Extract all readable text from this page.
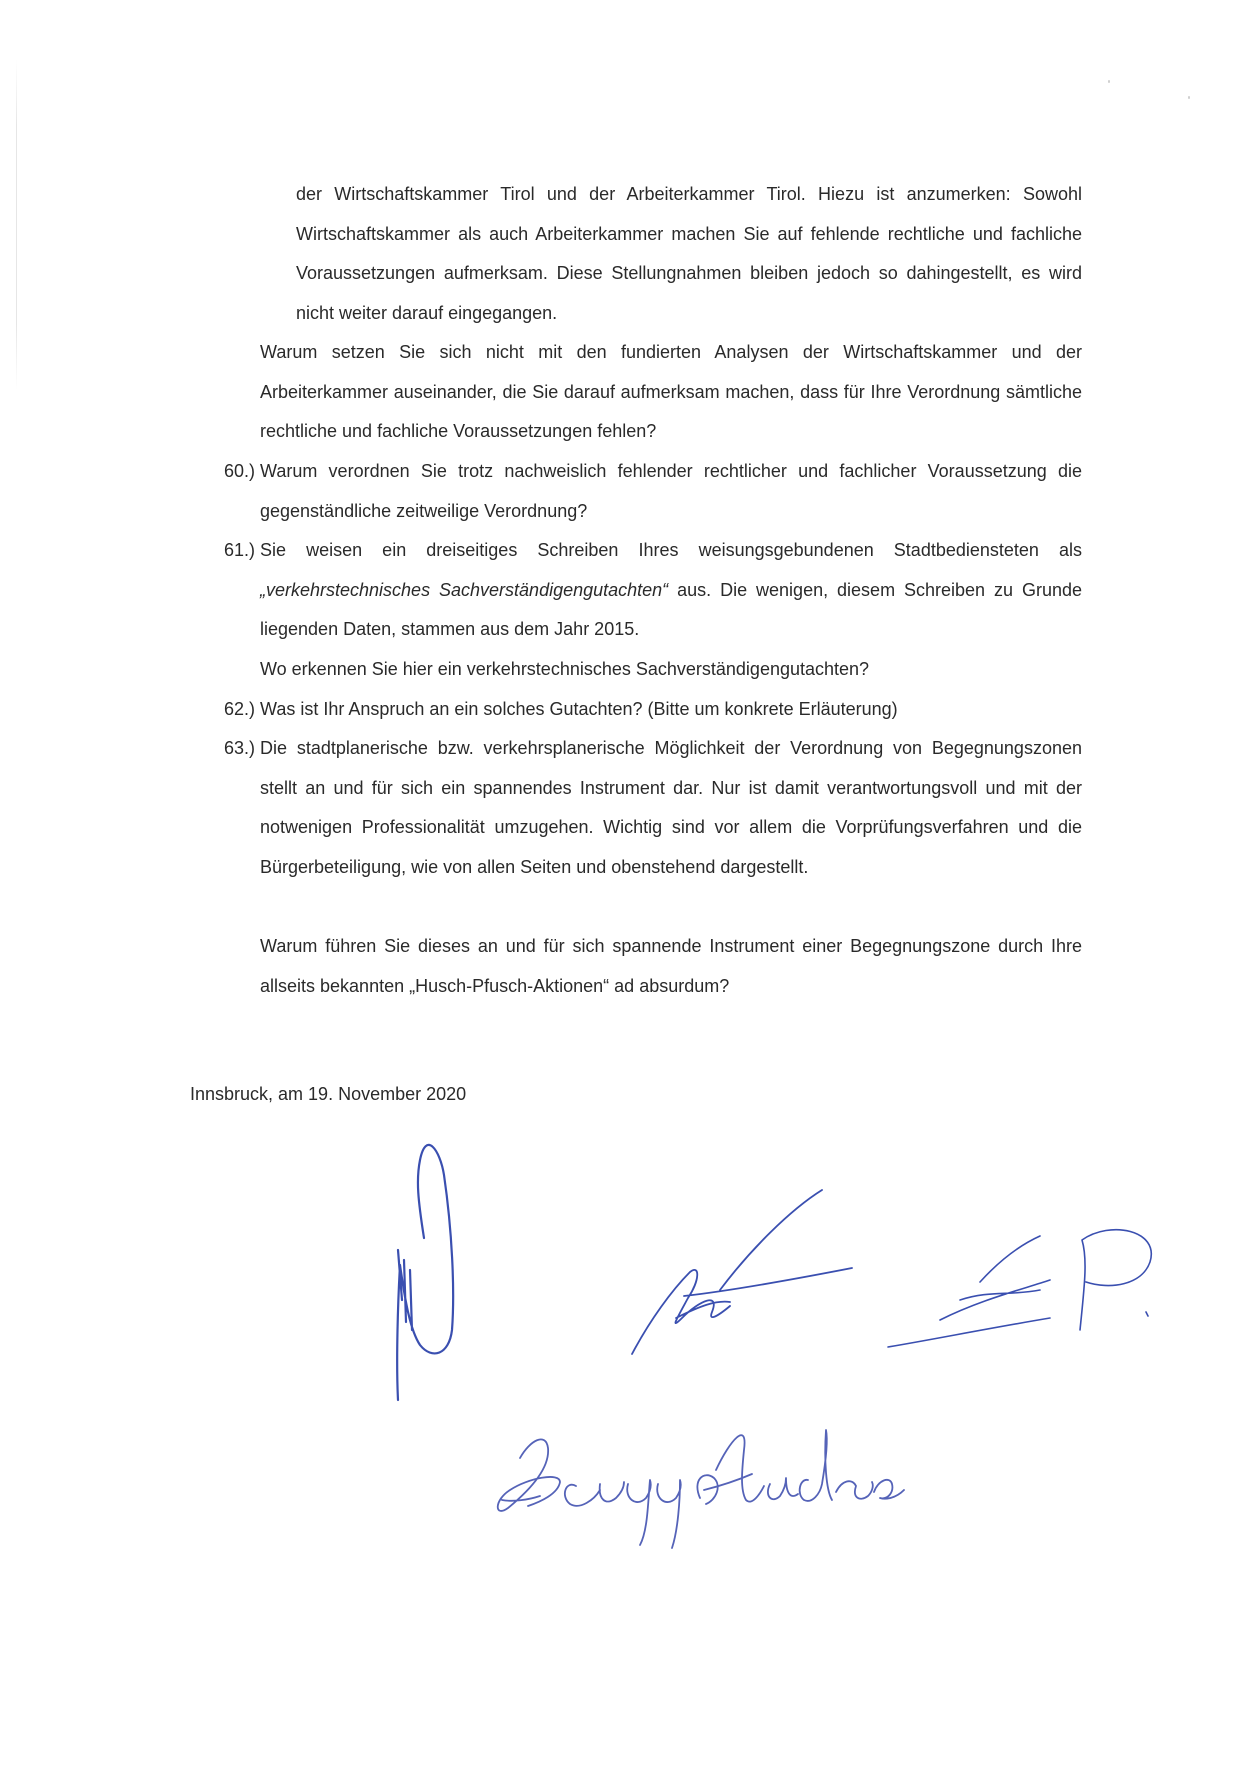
der Wirtschaftskammer Tirol und der Arbeiterkammer Tirol. Hiezu ist anzumerken: Sowohl Wirtschaftskammer als auch Arbeiterkammer machen Sie auf fehlende rechtliche und fachliche Voraussetzungen aufmerksam. Diese Stellungnahmen bleiben jedoch so dahingestellt, es wird nicht weiter darauf eingegangen.

Warum setzen Sie sich nicht mit den fundierten Analysen der Wirtschaftskammer und der Arbeiterkammer auseinander, die Sie darauf aufmerksam machen, dass für Ihre Verordnung sämtliche rechtliche und fachliche Voraussetzungen fehlen?

60.) Warum verordnen Sie trotz nachweislich fehlender rechtlicher und fachlicher Voraussetzung die gegenständliche zeitweilige Verordnung?

61.) Sie weisen ein dreiseitiges Schreiben Ihres weisungsgebundenen Stadtbediensteten als „verkehrstechnisches Sachverständigengutachten“ aus. Die wenigen, diesem Schreiben zu Grunde liegenden Daten, stammen aus dem Jahr 2015.

Wo erkennen Sie hier ein verkehrstechnisches Sachverständigengutachten?

62.) Was ist Ihr Anspruch an ein solches Gutachten? (Bitte um konkrete Erläuterung)

63.) Die stadtplanerische bzw. verkehrsplanerische Möglichkeit der Verordnung von Begegnungszonen stellt an und für sich ein spannendes Instrument dar. Nur ist damit verantwortungsvoll und mit der notwenigen Professionalität umzugehen. Wichtig sind vor allem die Vorprüfungsverfahren und die Bürgerbeteiligung, wie von allen Seiten und obenstehend dargestellt.

Warum führen Sie dieses an und für sich spannende Instrument einer Begegnungszone durch Ihre allseits bekannten „Husch-Pfusch-Aktionen“ ad absurdum?

Innsbruck, am 19. November 2020
